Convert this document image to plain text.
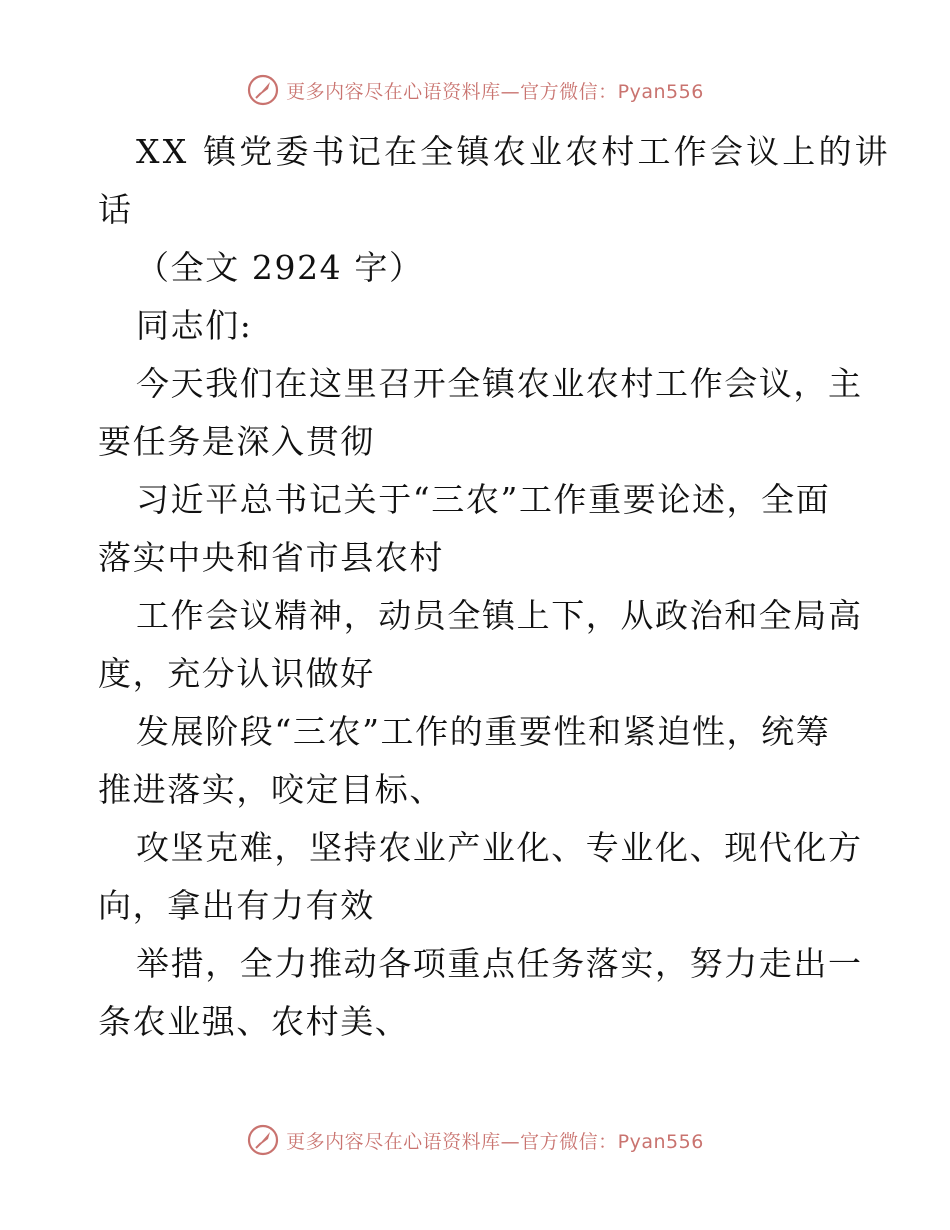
更多内容尽在心语资料库—官方微信：Pyan556
XX 镇党委书记在全镇农业农村工作会议上的讲
话
（全文 2924 字）
同志们:
今天我们在这里召开全镇农业农村工作会议，主
要任务是深入贯彻
习近平总书记关于“三农”工作重要论述，全面
落实中央和省市县农村
工作会议精神，动员全镇上下，从政治和全局高
度，充分认识做好
发展阶段“三农”工作的重要性和紧迫性，统筹
推进落实，咬定目标、
攻坚克难，坚持农业产业化、专业化、现代化方
向，拿出有力有效
举措，全力推动各项重点任务落实，努力走出一
条农业强、农村美、
更多内容尽在心语资料库—官方微信：Pyan556
